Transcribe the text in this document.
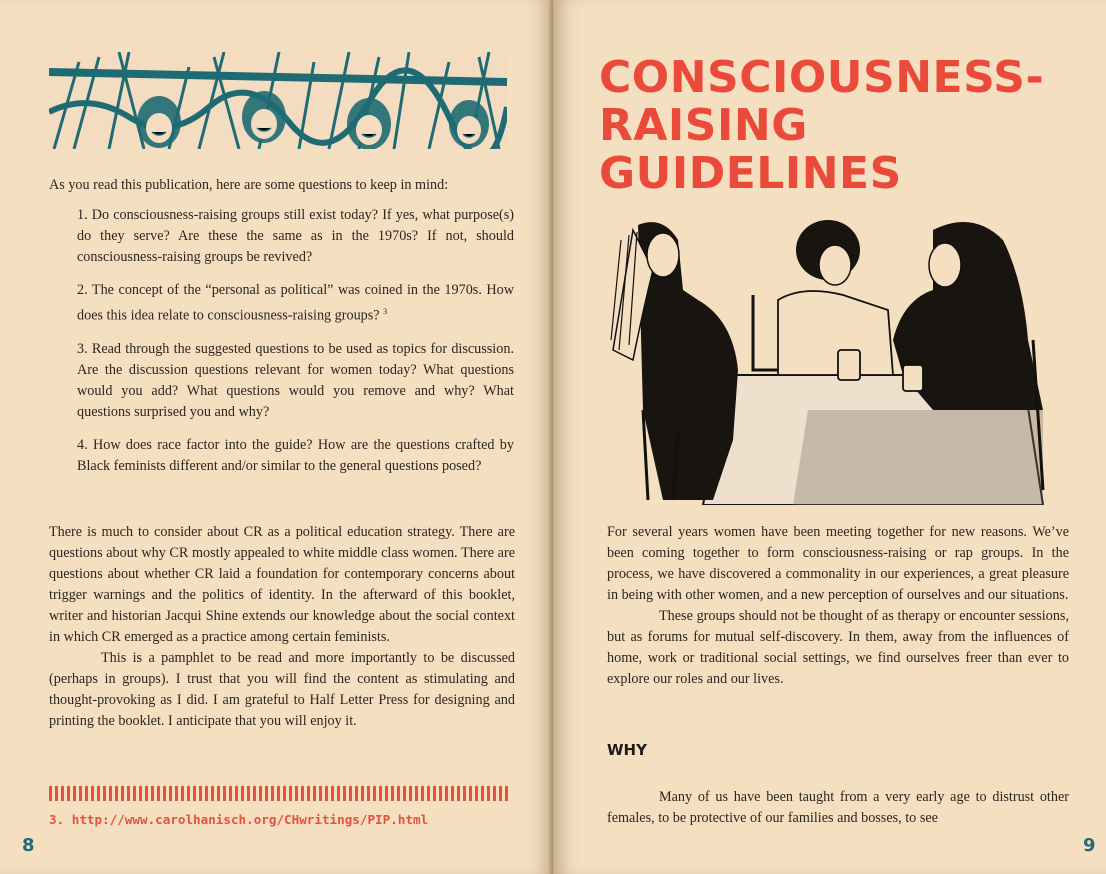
As you read this publication, here are some questions to keep in mind:

1. Do consciousness-raising groups still exist today? If yes, what purpose(s) do they serve? Are these the same as in the 1970s? If not, should consciousness-raising groups be revived?
2. The concept of the “personal as political” was coined in the 1970s. How does this idea relate to consciousness-raising groups? $^3$
3. Read through the suggested questions to be used as topics for discussion. Are the discussion questions relevant for women today? What questions would you add? What questions would you remove and why? What questions surprised you and why?
4. How does race factor into the guide? How are the questions crafted by Black feminists different and/or similar to the general questions posed?

There is much to consider about CR as a political education strategy. There are questions about why CR mostly appealed to white middle class women. There are questions about whether CR laid a foundation for contemporary concerns about trigger warnings and the politics of identity. In the afterward of this booklet, writer and historian Jacqui Shine extends our knowledge about the social context in which CR emerged as a practice among certain feminists.

This is a pamphlet to be read and more importantly to be discussed (perhaps in groups). I trust that you will find the content as stimulating and thought-provoking as I did. I am grateful to Half Letter Press for designing and printing the booklet. I anticipate that you will enjoy it.

3. http://www.carolhanisch.org/CHwritings/PIP.html
8
CONSCIOUSNESS-
RAISING
GUIDELINES

For several years women have been meeting together for new reasons. We’ve been coming together to form consciousness-raising or rap groups. In the process, we have discovered a commonality in our experiences, a great pleasure in being with other women, and a new perception of ourselves and our situations.

These groups should not be thought of as therapy or encounter sessions, but as forums for mutual self-discovery. In them, away from the influences of home, work or traditional social settings, we find ourselves freer than ever to explore our roles and our lives.

WHY

Many of us have been taught from a very early age to distrust other females, to be protective of our families and bosses, to see

9
